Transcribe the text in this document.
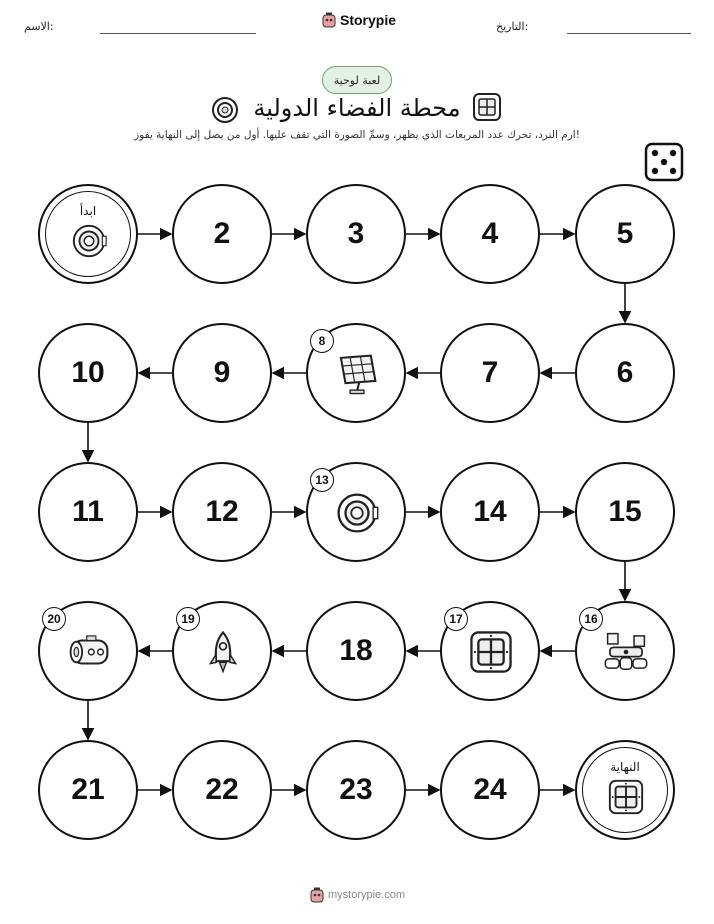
الاسم:	التاريخ:
Storypie
لعبة لوحية
محطة الفضاء الدولية
ارم النرد، تحرك عدد المربعات الذي يظهر، وسمِّ الصورة التي تقف عليها. أول من يصل إلى النهاية يفوز!
ابدأ
2	3	4	5
6
7
8
9
10
11	12
13
14	15
16
17
18
19
20
21	22	23	24
النهاية
mystorypie.com
